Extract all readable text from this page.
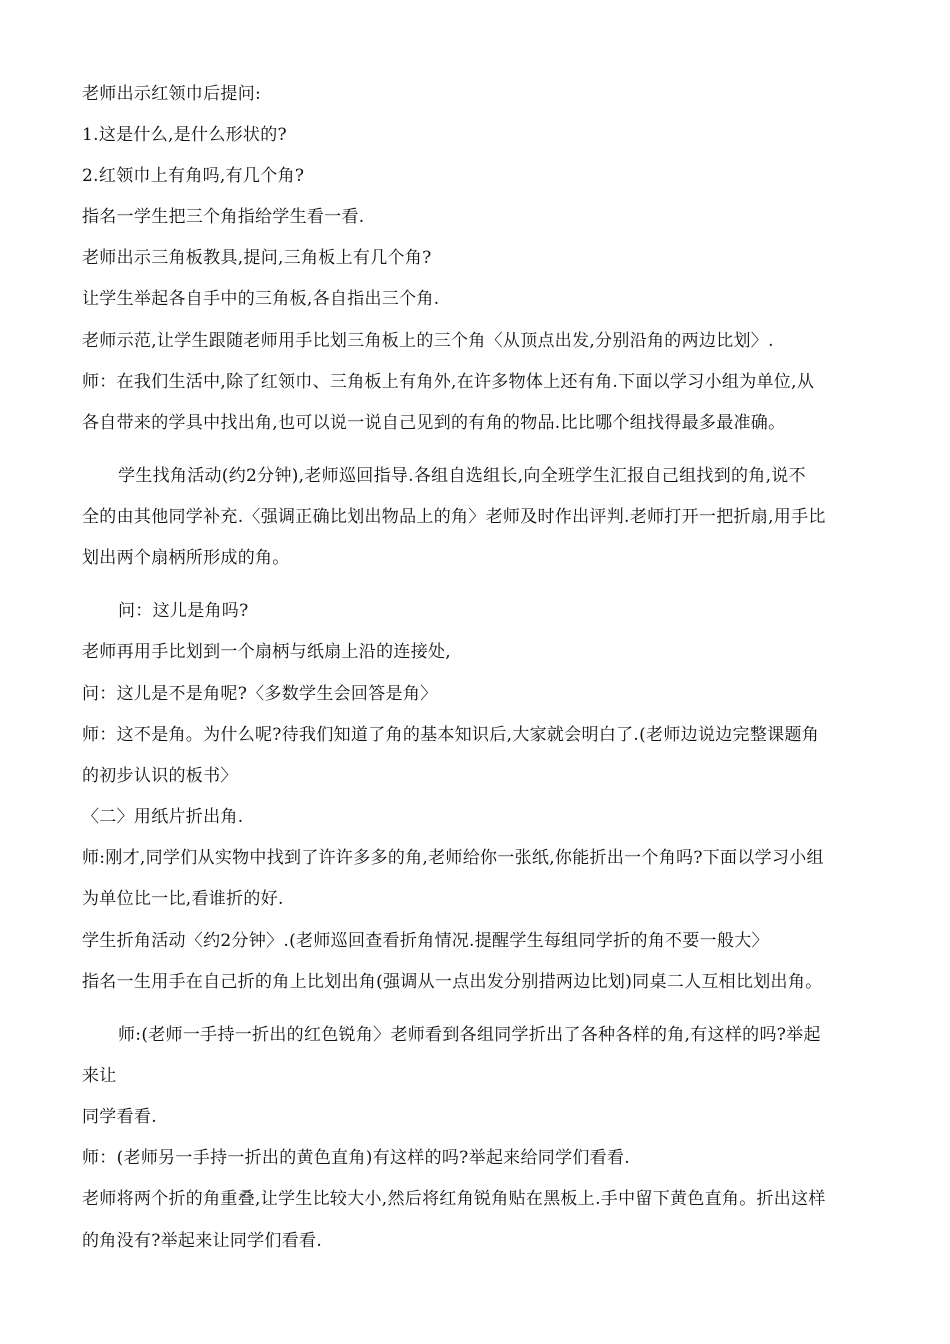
老师出示红领巾后提问:
1.这是什么,是什么形状的?
2.红领巾上有角吗,有几个角?
指名一学生把三个角指给学生看一看.
老师出示三角板教具,提问,三角板上有几个角?
让学生举起各自手中的三角板,各自指出三个角.
老师示范,让学生跟随老师用手比划三角板上的三个角〈从顶点出发,分别沿角的两边比划〉.
师：在我们生活中,除了红领巾、三角板上有角外,在许多物体上还有角.下面以学习小组为单位,从
各自带来的学具中找出角,也可以说一说自己见到的有角的物品.比比哪个组找得最多最准确。
学生找角活动(约2分钟),老师巡回指导.各组自选组长,向全班学生汇报自己组找到的角,说不
全的由其他同学补充.〈强调正确比划出物品上的角〉老师及时作出评判.老师打开一把折扇,用手比
划出两个扇柄所形成的角。
问：这儿是角吗?
老师再用手比划到一个扇柄与纸扇上沿的连接处,
问：这儿是不是角呢?〈多数学生会回答是角〉
师：这不是角。为什么呢?待我们知道了角的基本知识后,大家就会明白了.(老师边说边完整课题角
的初步认识的板书〉
〈二〉用纸片折出角.
师:刚才,同学们从实物中找到了许许多多的角,老师给你一张纸,你能折出一个角吗?下面以学习小组
为单位比一比,看谁折的好.
学生折角活动〈约2分钟〉.(老师巡回查看折角情况.提醒学生每组同学折的角不要一般大〉
指名一生用手在自己折的角上比划出角(强调从一点出发分别措两边比划)同桌二人互相比划出角。
师:(老师一手持一折出的红色锐角〉老师看到各组同学折出了各种各样的角,有这样的吗?举起
来让
同学看看.
师：(老师另一手持一折出的黄色直角)有这样的吗?举起来给同学们看看.
老师将两个折的角重叠,让学生比较大小,然后将红角锐角贴在黑板上.手中留下黄色直角。折出这样
的角没有?举起来让同学们看看.
